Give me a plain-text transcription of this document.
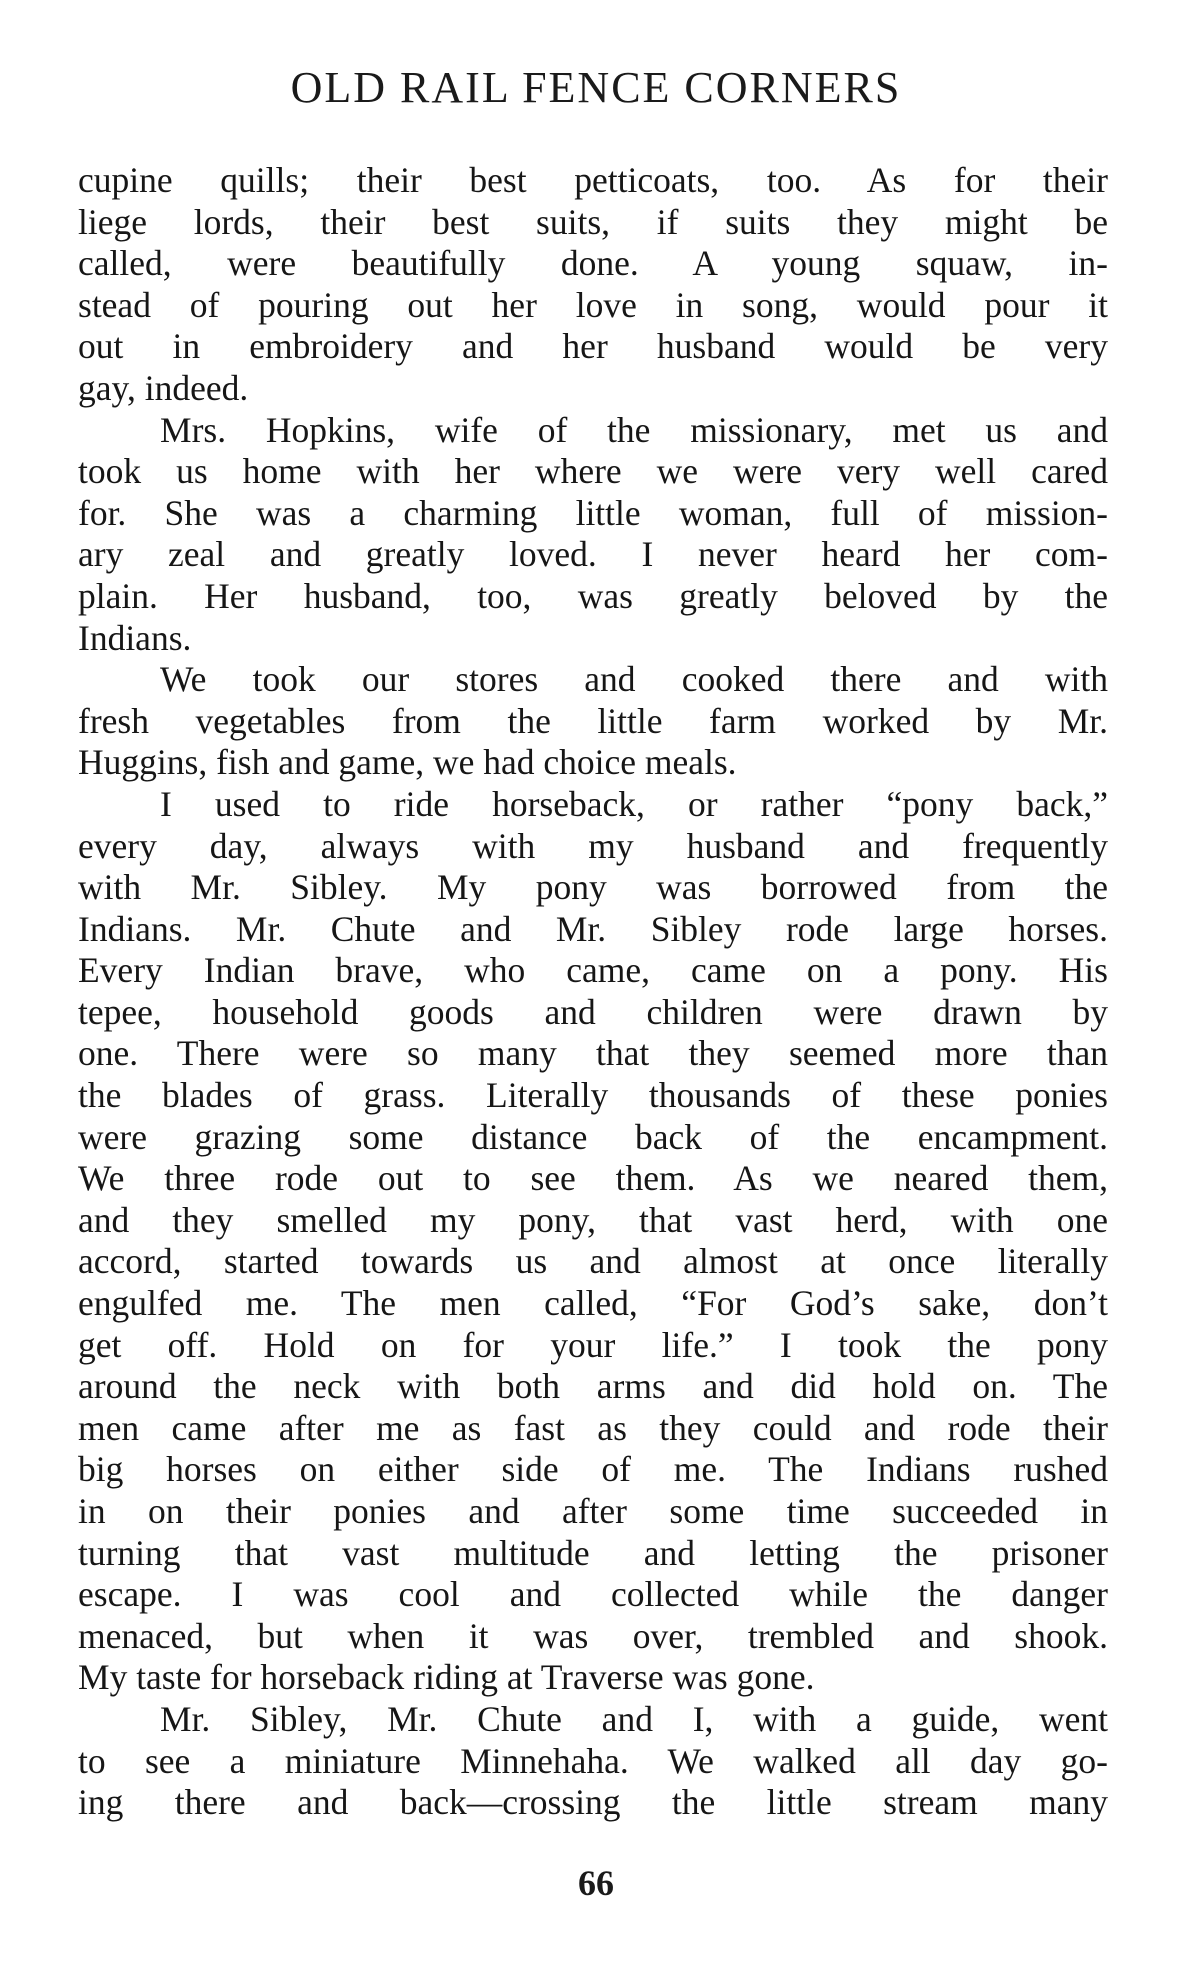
OLD RAIL FENCE CORNERS

cupine quills; their best petticoats, too. As for their
liege lords, their best suits, if suits they might be
called, were beautifully done. A young squaw, in-
stead of pouring out her love in song, would pour it
out in embroidery and her husband would be very
gay, indeed.

Mrs. Hopkins, wife of the missionary, met us and
took us home with her where we were very well cared
for. She was a charming little woman, full of mission-
ary zeal and greatly loved. I never heard her com-
plain. Her husband, too, was greatly beloved by the
Indians.

We took our stores and cooked there and with
fresh vegetables from the little farm worked by Mr.
Huggins, fish and game, we had choice meals.

I used to ride horseback, or rather “pony back,”
every day, always with my husband and frequently
with Mr. Sibley. My pony was borrowed from the
Indians. Mr. Chute and Mr. Sibley rode large horses.
Every Indian brave, who came, came on a pony. His
tepee, household goods and children were drawn by
one. There were so many that they seemed more than
the blades of grass. Literally thousands of these ponies
were grazing some distance back of the encampment.
We three rode out to see them. As we neared them,
and they smelled my pony, that vast herd, with one
accord, started towards us and almost at once literally
engulfed me. The men called, “For God’s sake, don’t
get off. Hold on for your life.” I took the pony
around the neck with both arms and did hold on. The
men came after me as fast as they could and rode their
big horses on either side of me. The Indians rushed
in on their ponies and after some time succeeded in
turning that vast multitude and letting the prisoner
escape. I was cool and collected while the danger
menaced, but when it was over, trembled and shook.
My taste for horseback riding at Traverse was gone.

Mr. Sibley, Mr. Chute and I, with a guide, went
to see a miniature Minnehaha. We walked all day go-
ing there and back—crossing the little stream many

66
